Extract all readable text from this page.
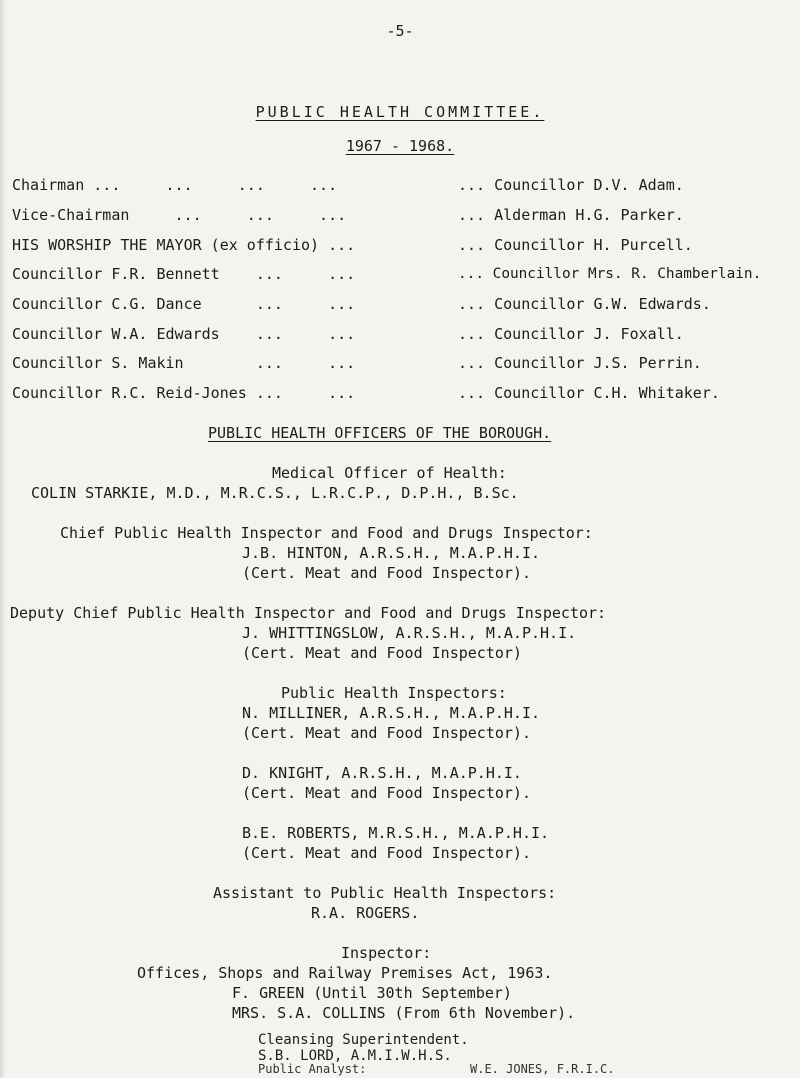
-5-
PUBLIC HEALTH COMMITTEE.
1967 - 1968.
Chairman ...     ...     ...     ...	... Councillor D.V. Adam.
Vice-Chairman     ...     ...     ...	... Alderman H.G. Parker.
HIS WORSHIP THE MAYOR (ex officio) ...	... Councillor H. Purcell.
Councillor F.R. Bennett    ...     ...	... Councillor Mrs. R. Chamberlain.
Councillor C.G. Dance      ...     ...	... Councillor G.W. Edwards.
Councillor W.A. Edwards    ...     ...	... Councillor J. Foxall.
Councillor S. Makin        ...     ...	... Councillor J.S. Perrin.
Councillor R.C. Reid-Jones ...     ...	... Councillor C.H. Whitaker.
PUBLIC HEALTH OFFICERS OF THE BOROUGH.
Medical Officer of Health:
COLIN STARKIE, M.D., M.R.C.S., L.R.C.P., D.P.H., B.Sc.
Chief Public Health Inspector and Food and Drugs Inspector:
J.B. HINTON, A.R.S.H., M.A.P.H.I.
(Cert. Meat and Food Inspector).
Deputy Chief Public Health Inspector and Food and Drugs Inspector:
J. WHITTINGSLOW, A.R.S.H., M.A.P.H.I.
(Cert. Meat and Food Inspector)
Public Health Inspectors:
N. MILLINER, A.R.S.H., M.A.P.H.I.
(Cert. Meat and Food Inspector).
D. KNIGHT, A.R.S.H., M.A.P.H.I.
(Cert. Meat and Food Inspector).
B.E. ROBERTS, M.R.S.H., M.A.P.H.I.
(Cert. Meat and Food Inspector).
Assistant to Public Health Inspectors:
R.A. ROGERS.
Inspector:
Offices, Shops and Railway Premises Act, 1963.
F. GREEN (Until 30th September)
MRS. S.A. COLLINS (From 6th November).
Cleansing Superintendent.
S.B. LORD, A.M.I.W.H.S.
Public Analyst:	W.E. JONES, F.R.I.C.
